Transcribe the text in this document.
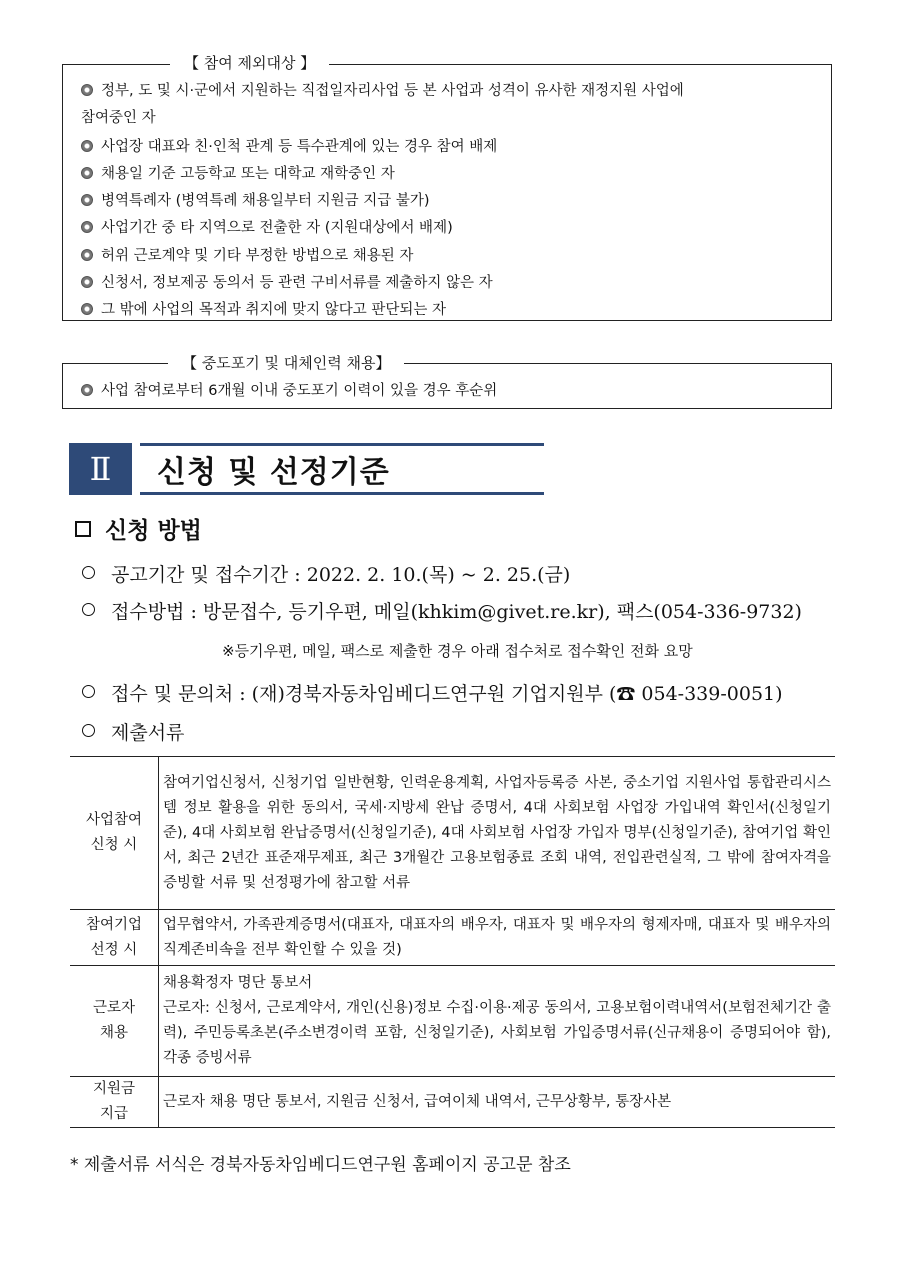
정부, 도 및 시·군에서 지원하는 직접일자리사업 등 본 사업과 성격이 유사한 재정지원 사업에
참여중인 자
사업장 대표와 친·인척 관계 등 특수관계에 있는 경우 참여 배제
채용일 기준 고등학교 또는 대학교 재학중인 자
병역특례자 (병역특례 채용일부터 지원금 지급 불가)
사업기간 중 타 지역으로 전출한 자 (지원대상에서 배제)
허위 근로계약 및 기타 부정한 방법으로 채용된 자
신청서, 정보제공 동의서 등 관련 구비서류를 제출하지 않은 자
그 밖에 사업의 목적과 취지에 맞지 않다고 판단되는 자
【 참여 제외대상 】
사업 참여로부터 6개월 이내 중도포기 이력이 있을 경우 후순위
【 중도포기 및 대체인력 채용】
Ⅱ	신청 및 선정기준
신청 방법
공고기간 및 접수기간 : 2022. 2. 10.(목) ~ 2. 25.(금)
접수방법 : 방문접수, 등기우편, 메일(khkim@givet.re.kr), 팩스(054-336-9732)
※등기우편, 메일, 팩스로 제출한 경우 아래 접수처로 접수확인 전화 요망
접수 및 문의처 : (재)경북자동차임베디드연구원 기업지원부 (☎ 054-339-0051)
제출서류
사업참여
신청 시	참여기업신청서, 신청기업 일반현황, 인력운용계획, 사업자등록증 사본, 중소기업 지원사업 통합관리시스템 정보 활용을 위한 동의서, 국세·지방세 완납 증명서, 4대 사회보험 사업장 가입내역 확인서(신청일기준), 4대 사회보험 완납증명서(신청일기준), 4대 사회보험 사업장 가입자 명부(신청일기준), 참여기업 확인서, 최근 2년간 표준재무제표, 최근 3개월간 고용보험종료 조회 내역, 전입관련실적, 그 밖에 참여자격을 증빙할 서류 및 선정평가에 참고할 서류
참여기업
선정 시	업무협약서, 가족관계증명서(대표자, 대표자의 배우자, 대표자 및 배우자의 형제자매, 대표자 및 배우자의 직계존비속을 전부 확인할 수 있을 것)
근로자
채용	채용확정자 명단 통보서
근로자: 신청서, 근로계약서, 개인(신용)정보 수집·이용·제공 동의서, 고용보험이력내역서(보험전체기간 출력), 주민등록초본(주소변경이력 포함, 신청일기준), 사회보험 가입증명서류(신규채용이 증명되어야 함), 각종 증빙서류
지원금
지급	근로자 채용 명단 통보서, 지원금 신청서, 급여이체 내역서, 근무상황부, 통장사본
* 제출서류 서식은 경북자동차임베디드연구원 홈페이지 공고문 참조
